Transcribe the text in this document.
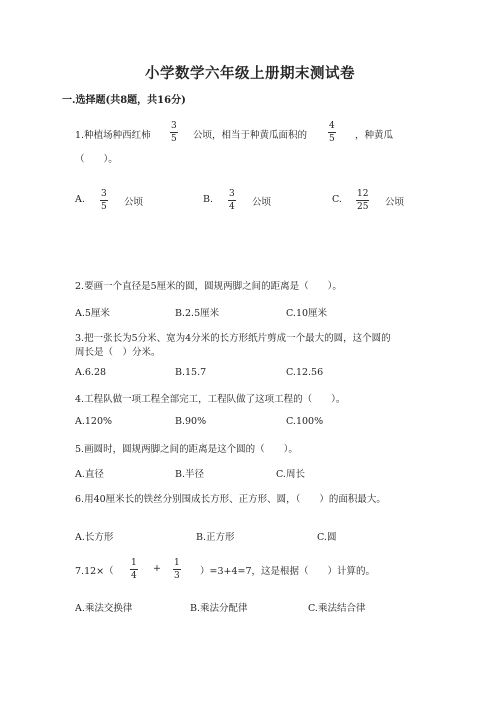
小学数学六年级上册期末测试卷
一.选择题(共8题，共16分)
1.种植场种西红柿 $\frac{3}{5}$ 公顷，相当于种黄瓜面积的 $\frac{4}{5}$ ，种黄瓜
（　　）。
A. $\frac{3}{5}$ 公顷	B. $\frac{3}{4}$ 公顷	C. $\frac{12}{25}$ 公顷
2.要画一个直径是5厘米的圆，圆规两脚之间的距离是（　　）。
A.5厘米	B.2.5厘米	C.10厘米
3.把一张长为5分米、宽为4分米的长方形纸片剪成一个最大的圆，这个圆的
周长是（　）分米。
A.6.28	B.15.7	C.12.56
4.工程队做一项工程全部完工，工程队做了这项工程的（　　）。
A.120%	B.90%	C.100%
5.画圆时，圆规两脚之间的距离是这个圆的（　　）。
A.直径	B.半径	C.周长
6.用40厘米长的铁丝分别围成长方形、正方形、圆，（　　）的面积最大。
A.长方形	B.正方形	C.圆
$7.12\times( \frac{1}{4} + \frac{1}{3} )=3+4=7$，这是根据（　　）计算的。
A.乘法交换律	B.乘法分配律	C.乘法结合律
